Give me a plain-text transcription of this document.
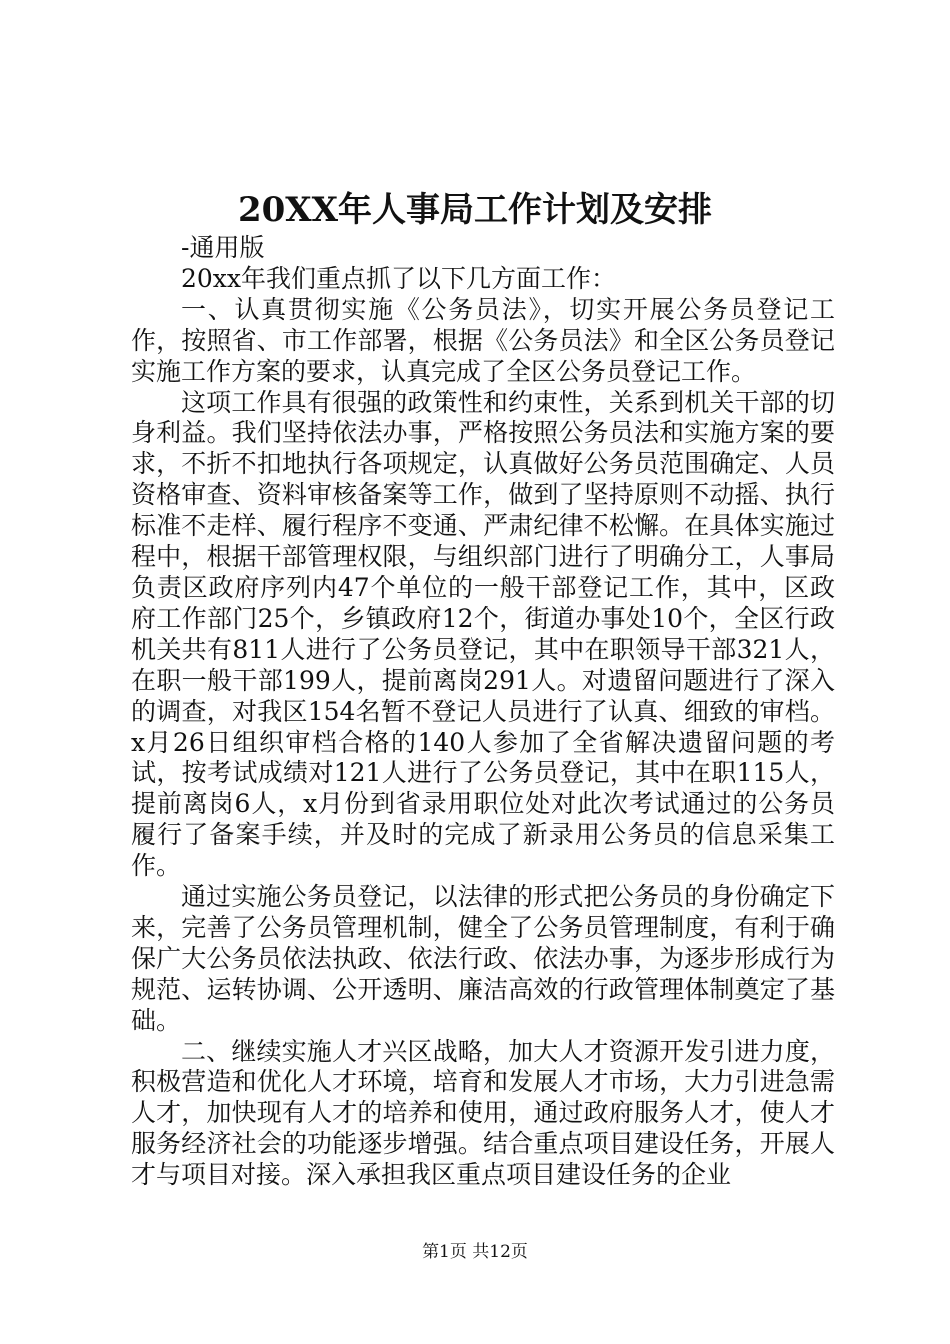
20XX年人事局工作计划及安排

-通用版

20xx年我们重点抓了以下几方面工作：

一、认真贯彻实施《公务员法》，切实开展公务员登记工作，按照省、市工作部署，根据《公务员法》和全区公务员登记实施工作方案的要求，认真完成了全区公务员登记工作。

这项工作具有很强的政策性和约束性，关系到机关干部的切身利益。我们坚持依法办事，严格按照公务员法和实施方案的要求，不折不扣地执行各项规定，认真做好公务员范围确定、人员资格审查、资料审核备案等工作，做到了坚持原则不动摇、执行标准不走样、履行程序不变通、严肃纪律不松懈。在具体实施过程中，根据干部管理权限，与组织部门进行了明确分工，人事局负责区政府序列内47个单位的一般干部登记工作，其中，区政府工作部门25个，乡镇政府12个，街道办事处10个，全区行政机关共有811人进行了公务员登记，其中在职领导干部321人，在职一般干部199人，提前离岗291人。对遗留问题进行了深入的调查，对我区154名暂不登记人员进行了认真、细致的审档。x月26日组织审档合格的140人参加了全省解决遗留问题的考试，按考试成绩对121人进行了公务员登记，其中在职115人，提前离岗6人，x月份到省录用职位处对此次考试通过的公务员履行了备案手续，并及时的完成了新录用公务员的信息采集工作。

通过实施公务员登记，以法律的形式把公务员的身份确定下来，完善了公务员管理机制，健全了公务员管理制度，有利于确保广大公务员依法执政、依法行政、依法办事，为逐步形成行为规范、运转协调、公开透明、廉洁高效的行政管理体制奠定了基础。

二、继续实施人才兴区战略，加大人才资源开发引进力度，积极营造和优化人才环境，培育和发展人才市场，大力引进急需人才，加快现有人才的培养和使用，通过政府服务人才，使人才服务经济社会的功能逐步增强。结合重点项目建设任务，开展人才与项目对接。深入承担我区重点项目建设任务的企业

第1页 共12页
